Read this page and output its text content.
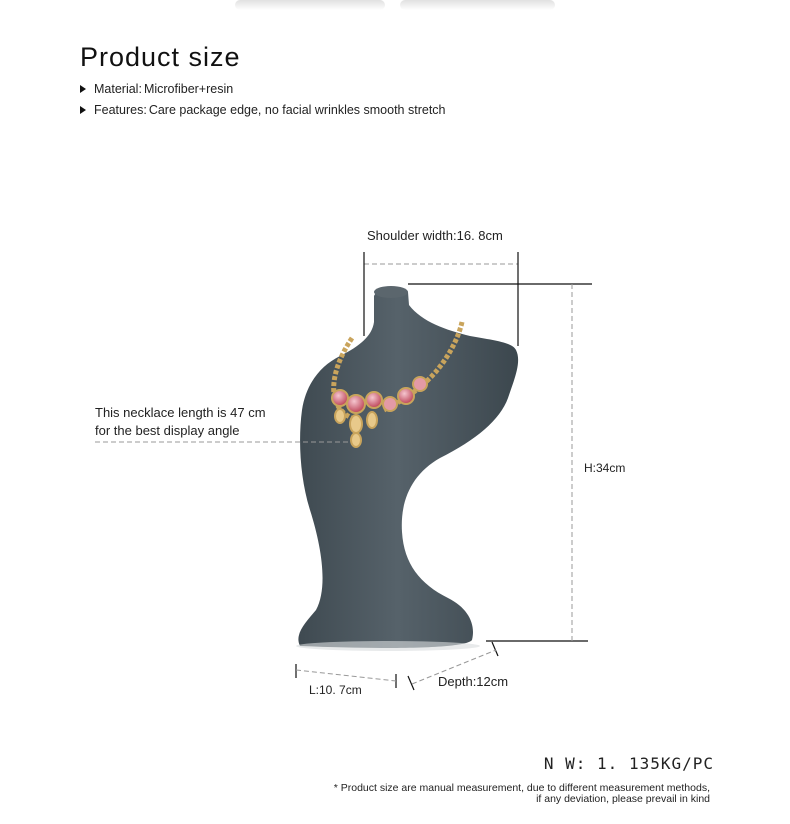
Product size
Material: Microfiber+resin
Features: Care package edge, no facial wrinkles smooth stretch
Shoulder width:16. 8cm
H:34cm
This necklace length is 47 cm
for the best display angle
L:10. 7cm
Depth:12cm
N W: 1. 135KG/PC
* Product size are manual measurement, due to different measurement methods,
if any deviation, please prevail in kind
